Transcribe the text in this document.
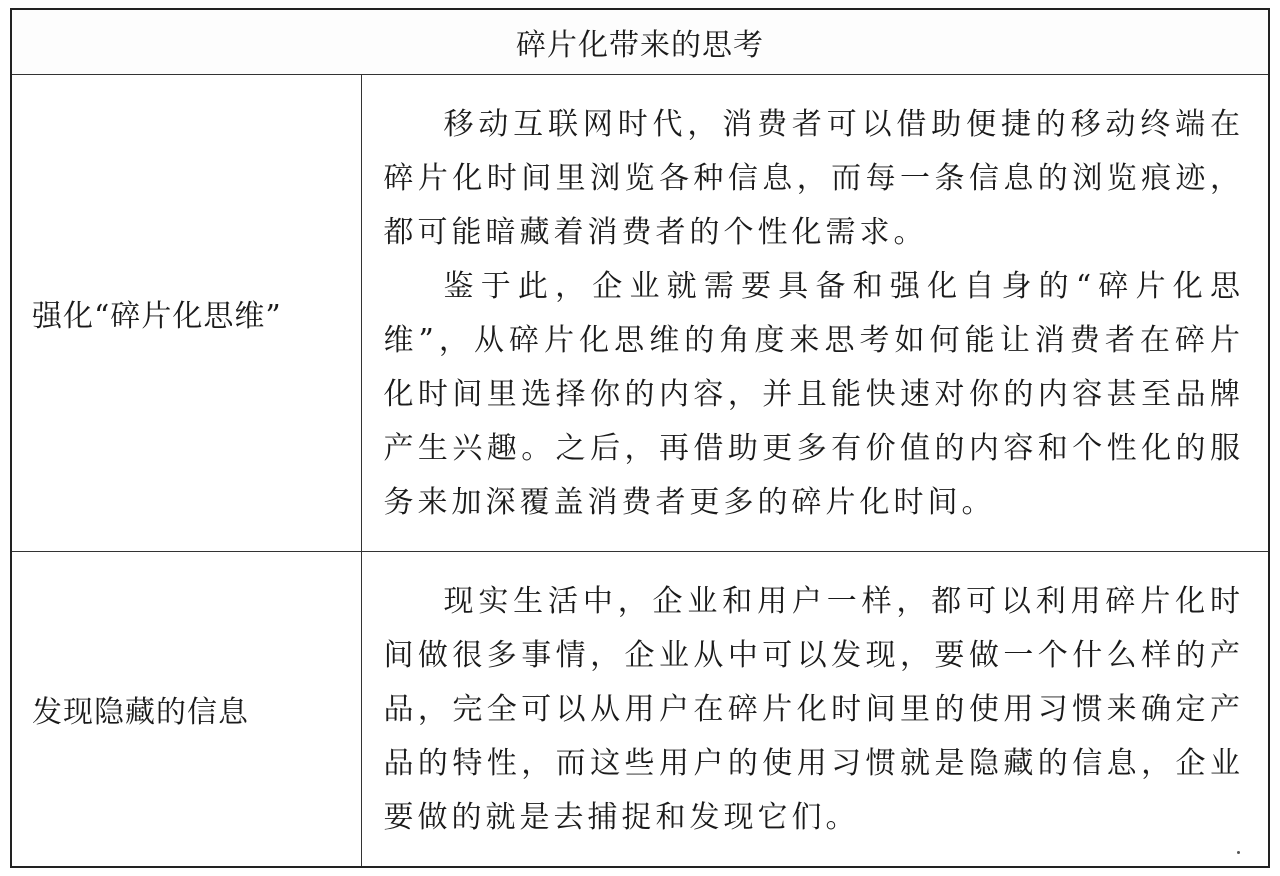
碎片化带来的思考	
强化“碎片化思维”	移动互联网时代，消费者可以借助便捷的移动终端在碎片化时间里浏览各种信息，而每一条信息的浏览痕迹，都可能暗藏着消费者的个性化需求。

鉴于此，企业就需要具备和强化自身的“碎片化思维”，从碎片化思维的角度来思考如何能让消费者在碎片化时间里选择你的内容，并且能快速对你的内容甚至品牌产生兴趣。之后，再借助更多有价值的内容和个性化的服务来加深覆盖消费者更多的碎片化时间。

发现隐藏的信息	现实生活中，企业和用户一样，都可以利用碎片化时间做很多事情，企业从中可以发现，要做一个什么样的产品，完全可以从用户在碎片化时间里的使用习惯来确定产品的特性，而这些用户的使用习惯就是隐藏的信息，企业要做的就是去捕捉和发现它们。
